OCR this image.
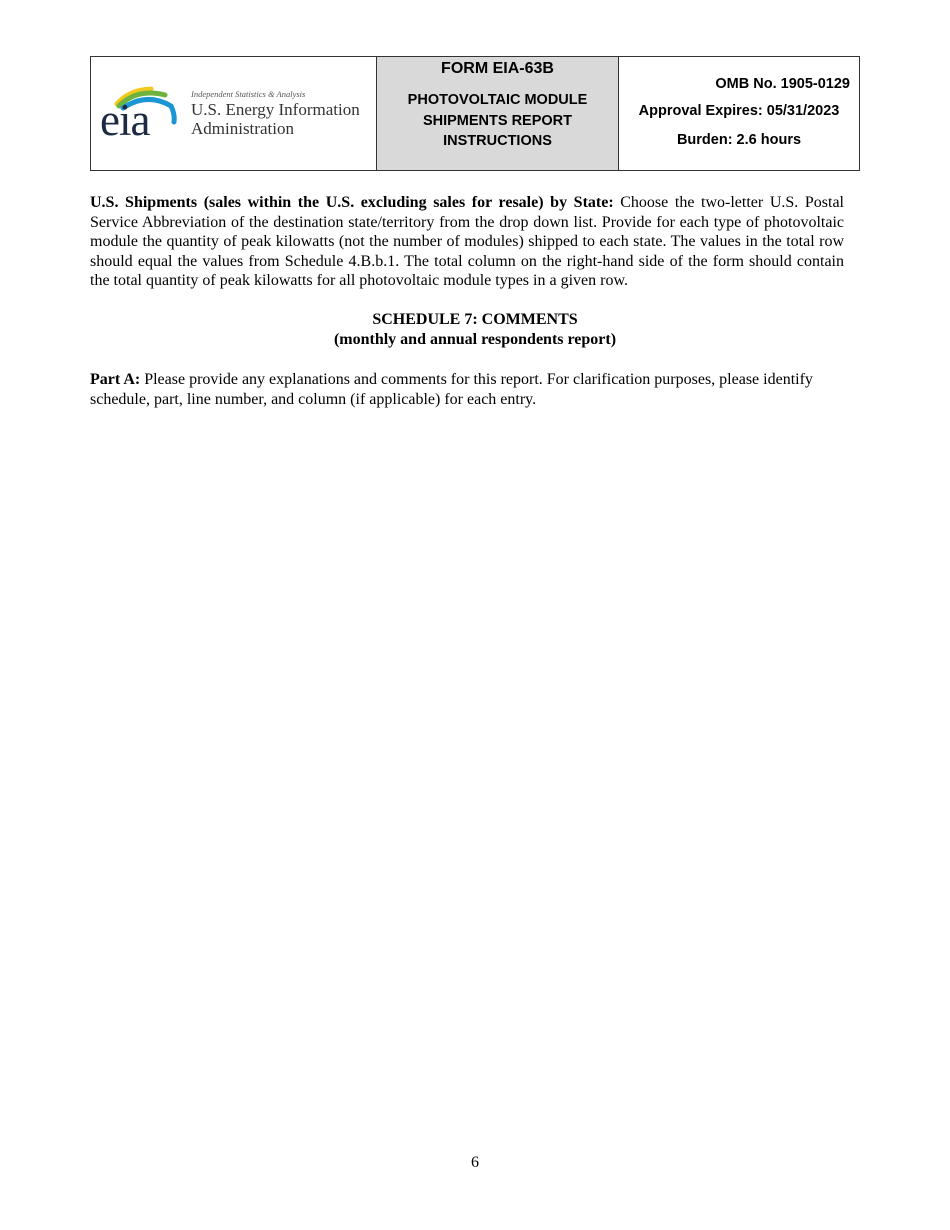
eia
Independent Statistics & Analysis
U.S. Energy Information
Administration
FORM EIA-63B
PHOTOVOLTAIC MODULE
SHIPMENTS REPORT
INSTRUCTIONS
OMB No. 1905-0129
Approval Expires: 05/31/2023
Burden: 2.6 hours

U.S. Shipments (sales within the U.S. excluding sales for resale) by State: Choose the two-letter U.S. Postal Service Abbreviation of the destination state/territory from the drop down list. Provide for each type of photovoltaic module the quantity of peak kilowatts (not the number of modules) shipped to each state. The values in the total row should equal the values from Schedule 4.B.b.1. The total column on the right-hand side of the form should contain the total quantity of peak kilowatts for all photovoltaic module types in a given row.

SCHEDULE 7: COMMENTS
(monthly and annual respondents report)

Part A: Please provide any explanations and comments for this report. For clarification purposes, please identify schedule, part, line number, and column (if applicable) for each entry.

6
